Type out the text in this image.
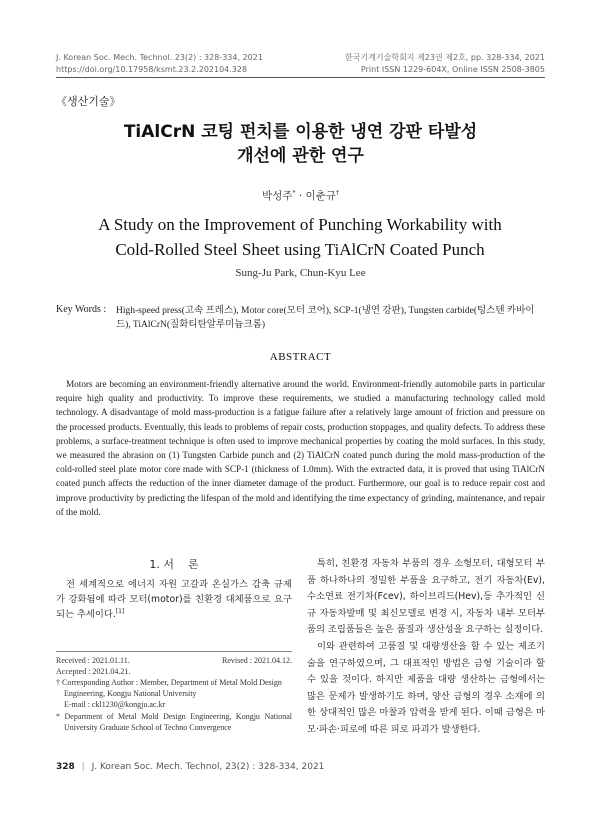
J. Korean Soc. Mech. Technol. 23(2) : 328-334, 2021
https://doi.org/10.17958/ksmt.23.2.202104.328
한국기계기술학회지 제23권 제2호, pp. 328-334, 2021
Print ISSN 1229-604X, Online ISSN 2508-3805
《생산기술》
TiAlCrN 코팅 펀치를 이용한 냉연 강판 타발성
개선에 관한 연구
박성주* · 이춘규†
A Study on the Improvement of Punching Workability with
Cold-Rolled Steel Sheet using TiAlCrN Coated Punch
Sung-Ju Park, Chun-Kyu Lee
Key Words :	High-speed press(고속 프레스), Motor core(모터 코어), SCP-1(냉연 강판), Tungsten carbide(텅스텐 카바이드), TiAlCrN(질화티탄알루미늄크롬)
ABSTRACT

Motors are becoming an environment-friendly alternative around the world. Environment-friendly automobile parts in particular require high quality and productivity. To improve these requirements, we studied a manufacturing technology called mold technology. A disadvantage of mold mass-production is a fatigue failure after a relatively large amount of friction and pressure on the processed products. Eventually, this leads to problems of repair costs, production stoppages, and quality defects. To address these problems, a surface-treatment technique is often used to improve mechanical properties by coating the mold surfaces. In this study, we measured the abrasion on (1) Tungsten Carbide punch and (2) TiAlCrN coated punch during the mold mass-production of the cold-rolled steel plate motor core made with SCP-1 (thickness of 1.0mm). With the extracted data, it is proved that using TiAlCrN coated punch affects the reduction of the inner diameter damage of the product. Furthermore, our goal is to reduce repair cost and improve productivity by predicting the lifespan of the mold and identifying the time expectancy of grinding, maintenance, and repair of the mold.

1. 서    론

전 세계적으로 에너지 자원 고갈과 온실가스 감축 규제가 강화됨에 따라 모터(motor)를 친환경 대체품으로 요구되는 추세이다.[1]

Received : 2021.01.11.	Revised : 2021.04.12.
Accepted : 2021.04.21.
† Corresponding Author : Member, Department of Metal Mold Design Engineering, Kongju National University
E-mail : ckl1230@kongju.ac.kr
* Department of Metal Mold Design Engineering, Kongju National University Graduate School of Techno Convergence

특히, 친환경 자동차 부품의 경우 소형모터, 대형모터 부품 하나하나의 정밀한 부품을 요구하고, 전기 자동차(Ev), 수소연료 전기차(Fcev), 하이브리드(Hev),등 추가적인 신규 자동차발매 및 최신모델로 변경 시, 자동차 내부 모터부품의 조립품들은 높은 품질과 생산성을 요구하는 실정이다.

이와 관련하여 고품질 및 대량생산을 할 수 있는 제조기술을 연구하였으며, 그 대표적인 방법은 금형 기술이라 할 수 있을 것이다. 하지만 제품을 대량 생산하는 금형에서는 많은 문제가 발생하기도 하며, 양산 금형의 경우 소재에 의한 상대적인 많은 마찰과 압력을 받게 된다. 이때 금형은 마모·파손·피로에 따른 피로 파괴가 발생한다.

328 | J. Korean Soc. Mech. Technol, 23(2) : 328-334, 2021
